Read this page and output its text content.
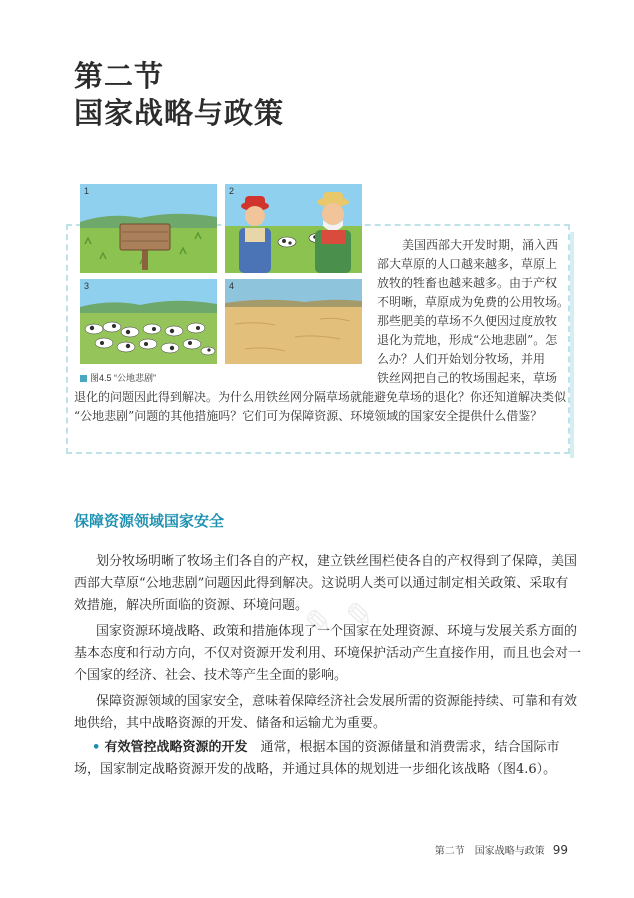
第二节
国家战略与政策
1	2
3	4
图4.5 “公地悲剧”
美国西部大开发时期，涌入西
部大草原的人口越来越多，草原上
放牧的牲畜也越来越多。由于产权
不明晰，草原成为免费的公用牧场。
那些肥美的草场不久便因过度放牧
退化为荒地，形成“公地悲剧”。怎
么办？人们开始划分牧场，并用
铁丝网把自己的牧场围起来，草场
退化的问题因此得到解决。为什么用铁丝网分隔草场就能避免草场的退化？你还知道解决类似
“公地悲剧”问题的其他措施吗？它们可为保障资源、环境领域的国家安全提供什么借鉴？
保障资源领域国家安全
✎ ✎
划分牧场明晰了牧场主们各自的产权，建立铁丝围栏使各自的产权得到了保障，美国
西部大草原“公地悲剧”问题因此得到解决。这说明人类可以通过制定相关政策、采取有
效措施，解决所面临的资源、环境问题。
国家资源环境战略、政策和措施体现了一个国家在处理资源、环境与发展关系方面的
基本态度和行动方向，不仅对资源开发利用、环境保护活动产生直接作用，而且也会对一
个国家的经济、社会、技术等产生全面的影响。
保障资源领域的国家安全，意味着保障经济社会发展所需的资源能持续、可靠和有效
地供给，其中战略资源的开发、储备和运输尤为重要。
• 有效管控战略资源的开发　 通常，根据本国的资源储量和消费需求，结合国际市
场，国家制定战略资源开发的战略，并通过具体的规划进一步细化该战略（图4.6）。
第二节　国家战略与政策 99
